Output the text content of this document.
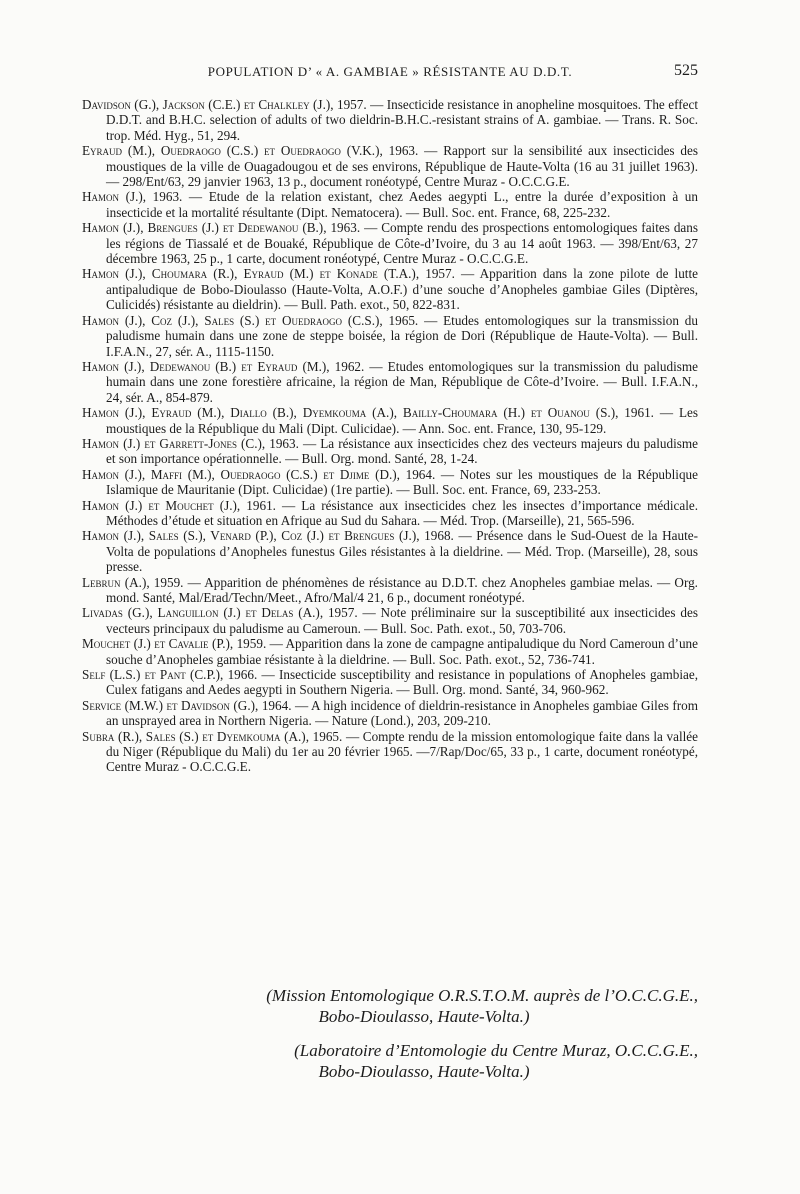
POPULATION D’ « A. GAMBIAE » RÉSISTANTE AU D.D.T.	525

Davidson (G.), Jackson (C.E.) et Chalkley (J.), 1957. — Insecticide resistance in anopheline mosquitoes. The effect D.D.T. and B.H.C. selection of adults of two dieldrin-B.H.C.-resistant strains of A. gambiae. — Trans. R. Soc. trop. Méd. Hyg., 51, 294.

Eyraud (M.), Ouedraogo (C.S.) et Ouedraogo (V.K.), 1963. — Rapport sur la sensibilité aux insecticides des moustiques de la ville de Ouagadougou et de ses environs, République de Haute-Volta (16 au 31 juillet 1963). — 298/Ent/63, 29 janvier 1963, 13 p., document ronéotypé, Centre Muraz - O.C.C.G.E.

Hamon (J.), 1963. — Etude de la relation existant, chez Aedes aegypti L., entre la durée d’exposition à un insecticide et la mortalité résultante (Dipt. Nematocera). — Bull. Soc. ent. France, 68, 225-232.

Hamon (J.), Brengues (J.) et Dedewanou (B.), 1963. — Compte rendu des prospections entomologiques faites dans les régions de Tiassalé et de Bouaké, République de Côte-d’Ivoire, du 3 au 14 août 1963. — 398/Ent/63, 27 décembre 1963, 25 p., 1 carte, document ronéotypé, Centre Muraz - O.C.C.G.E.

Hamon (J.), Choumara (R.), Eyraud (M.) et Konade (T.A.), 1957. — Apparition dans la zone pilote de lutte antipaludique de Bobo-Dioulasso (Haute-Volta, A.O.F.) d’une souche d’Anopheles gambiae Giles (Diptères, Culicidés) résistante au dieldrin). — Bull. Path. exot., 50, 822-831.

Hamon (J.), Coz (J.), Sales (S.) et Ouedraogo (C.S.), 1965. — Etudes entomologiques sur la transmission du paludisme humain dans une zone de steppe boisée, la région de Dori (République de Haute-Volta). — Bull. I.F.A.N., 27, sér. A., 1115-1150.

Hamon (J.), Dedewanou (B.) et Eyraud (M.), 1962. — Etudes entomologiques sur la transmission du paludisme humain dans une zone forestière africaine, la région de Man, République de Côte-d’Ivoire. — Bull. I.F.A.N., 24, sér. A., 854-879.

Hamon (J.), Eyraud (M.), Diallo (B.), Dyemkouma (A.), Bailly-Choumara (H.) et Ouanou (S.), 1961. — Les moustiques de la République du Mali (Dipt. Culicidae). — Ann. Soc. ent. France, 130, 95-129.

Hamon (J.) et Garrett-Jones (C.), 1963. — La résistance aux insecticides chez des vecteurs majeurs du paludisme et son importance opérationnelle. — Bull. Org. mond. Santé, 28, 1-24.

Hamon (J.), Maffi (M.), Ouedraogo (C.S.) et Djime (D.), 1964. — Notes sur les moustiques de la République Islamique de Mauritanie (Dipt. Culicidae) (1re partie). — Bull. Soc. ent. France, 69, 233-253.

Hamon (J.) et Mouchet (J.), 1961. — La résistance aux insecticides chez les insectes d’importance médicale. Méthodes d’étude et situation en Afrique au Sud du Sahara. — Méd. Trop. (Marseille), 21, 565-596.

Hamon (J.), Sales (S.), Venard (P.), Coz (J.) et Brengues (J.), 1968. — Présence dans le Sud-Ouest de la Haute-Volta de populations d’Anopheles funestus Giles résistantes à la dieldrine. — Méd. Trop. (Marseille), 28, sous presse.

Lebrun (A.), 1959. — Apparition de phénomènes de résistance au D.D.T. chez Anopheles gambiae melas. — Org. mond. Santé, Mal/Erad/Techn/Meet., Afro/Mal/4 21, 6 p., document ronéotypé.

Livadas (G.), Languillon (J.) et Delas (A.), 1957. — Note préliminaire sur la susceptibilité aux insecticides des vecteurs principaux du paludisme au Cameroun. — Bull. Soc. Path. exot., 50, 703-706.

Mouchet (J.) et Cavalie (P.), 1959. — Apparition dans la zone de campagne antipaludique du Nord Cameroun d’une souche d’Anopheles gambiae résistante à la dieldrine. — Bull. Soc. Path. exot., 52, 736-741.

Self (L.S.) et Pant (C.P.), 1966. — Insecticide susceptibility and resistance in populations of Anopheles gambiae, Culex fatigans and Aedes aegypti in Southern Nigeria. — Bull. Org. mond. Santé, 34, 960-962.

Service (M.W.) et Davidson (G.), 1964. — A high incidence of dieldrin-resistance in Anopheles gambiae Giles from an unsprayed area in Northern Nigeria. — Nature (Lond.), 203, 209-210.

Subra (R.), Sales (S.) et Dyemkouma (A.), 1965. — Compte rendu de la mission entomologique faite dans la vallée du Niger (République du Mali) du 1er au 20 février 1965. —7/Rap/Doc/65, 33 p., 1 carte, document ronéotypé, Centre Muraz - O.C.C.G.E.

(Mission Entomologique O.R.S.T.O.M. auprès de l’O.C.C.G.E.,
Bobo-Dioulasso, Haute-Volta.)
(Laboratoire d’Entomologie du Centre Muraz, O.C.C.G.E.,
Bobo-Dioulasso, Haute-Volta.)
